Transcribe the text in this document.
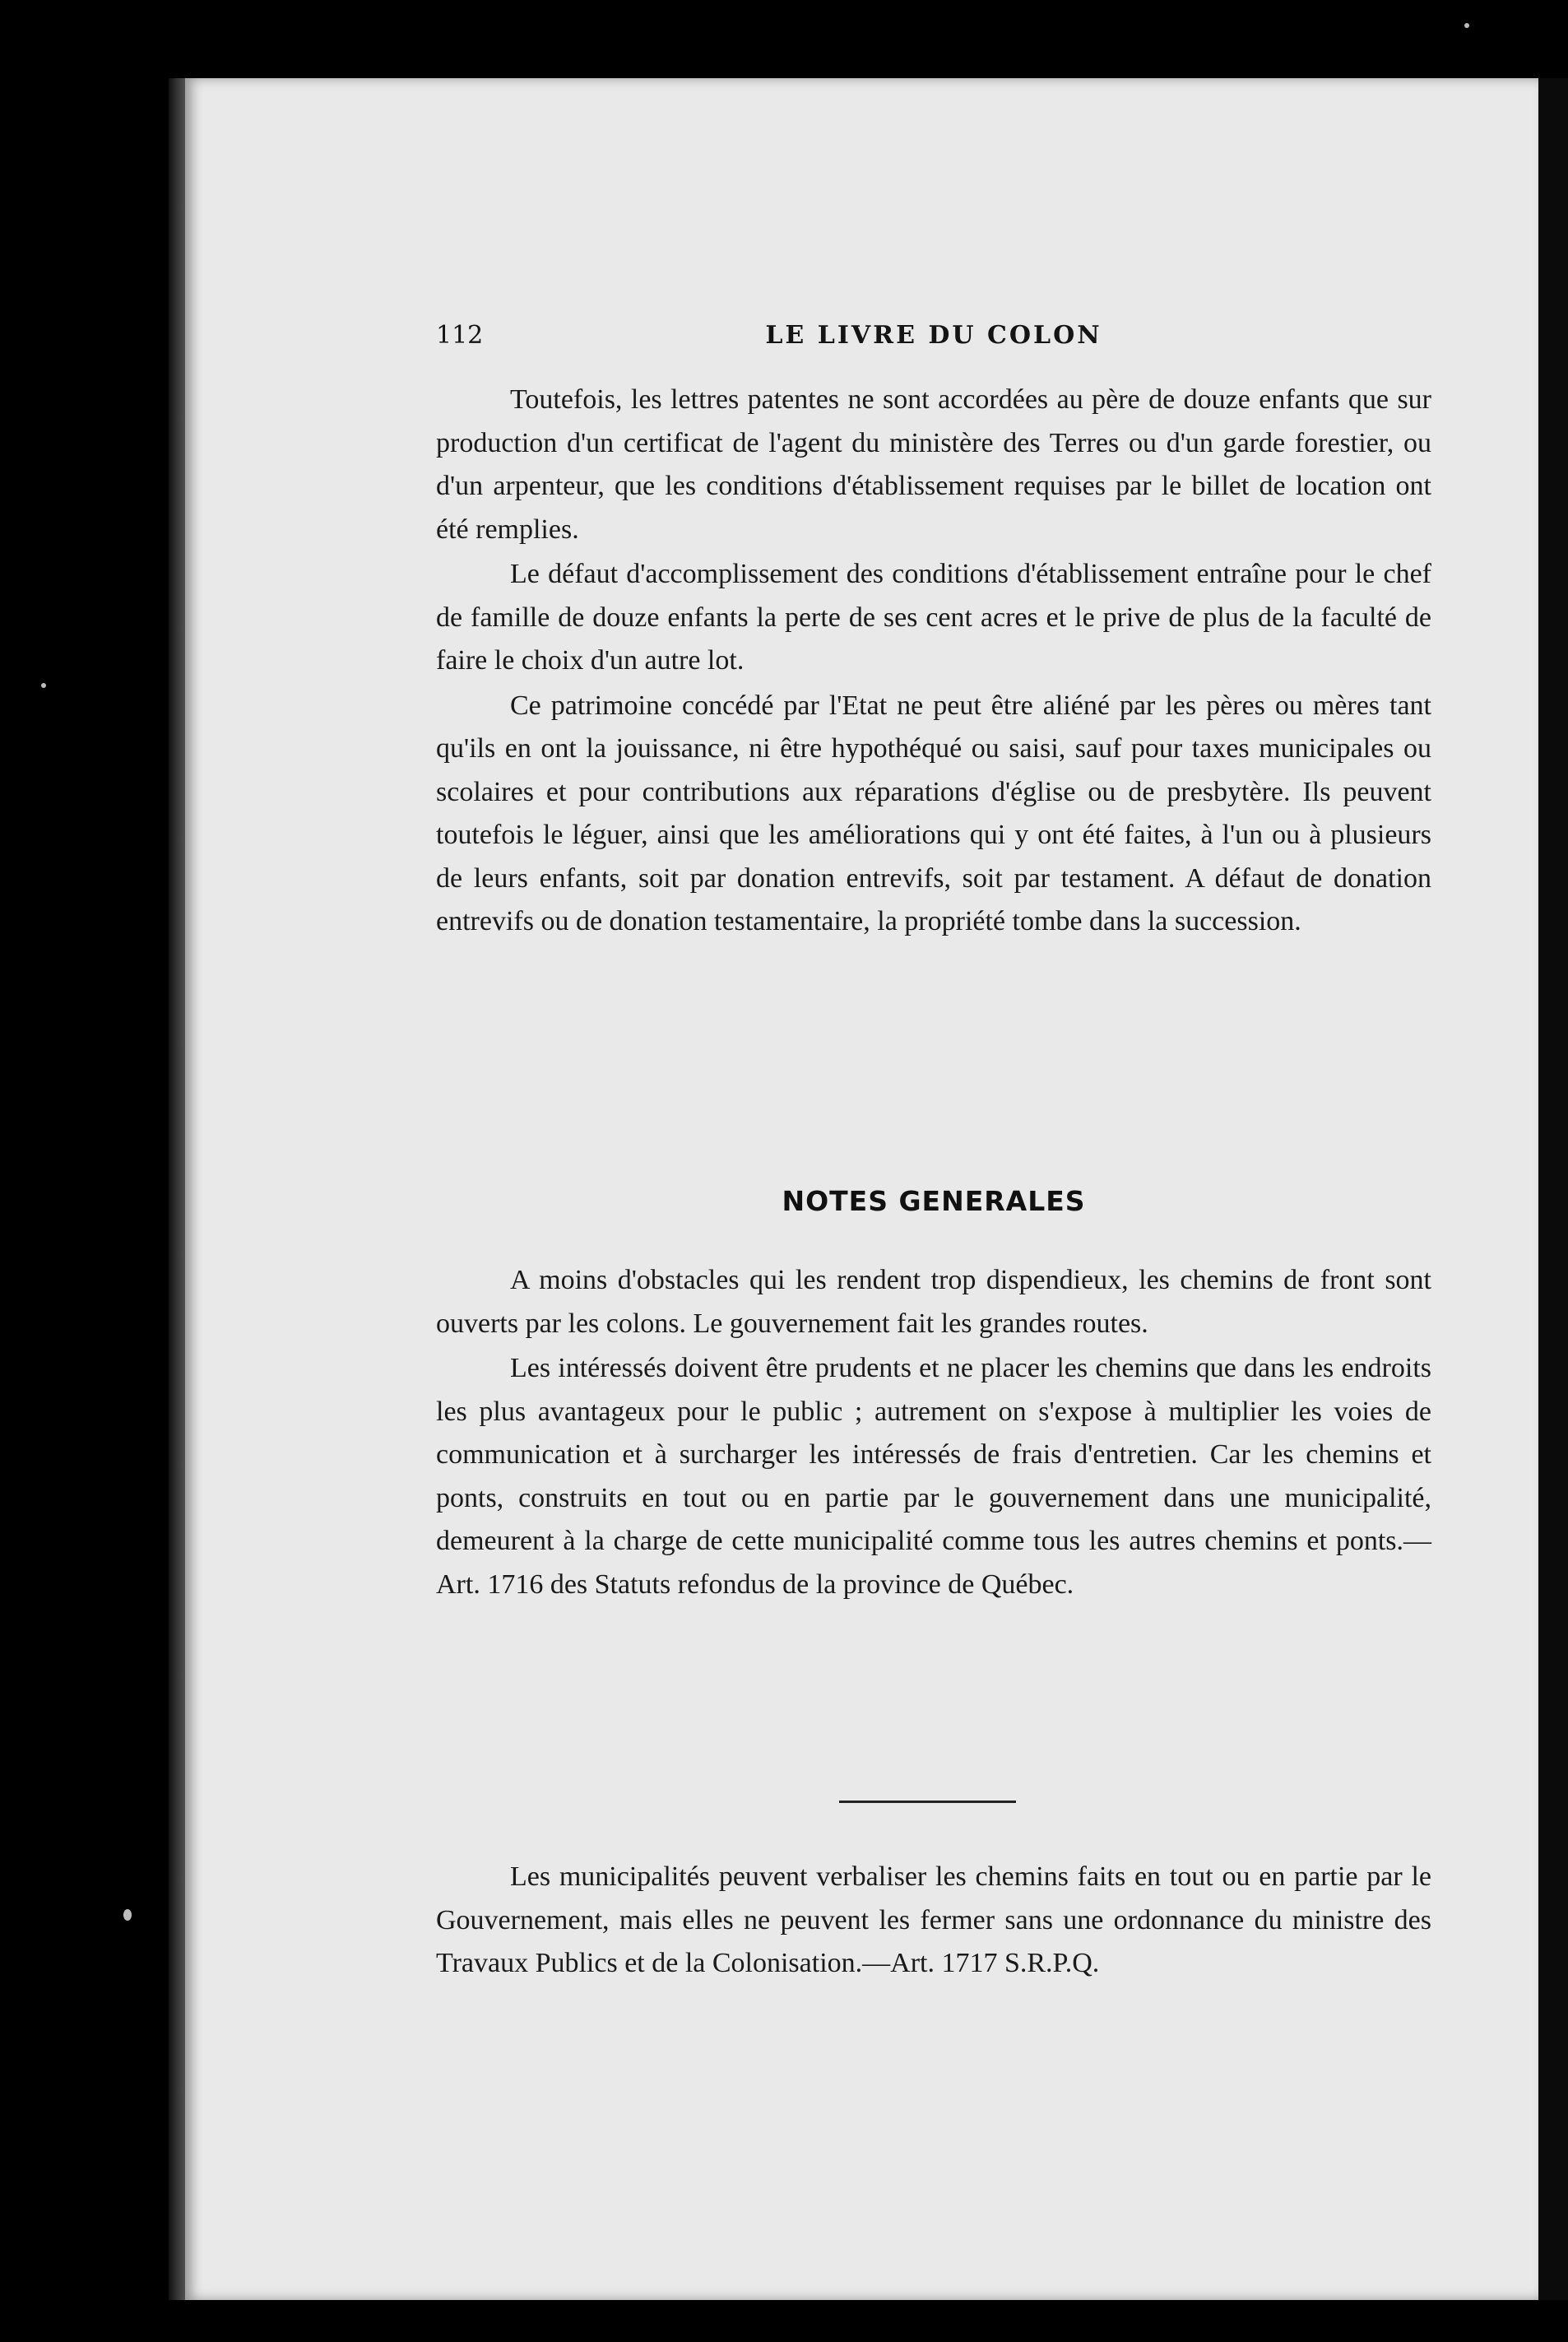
112	LE LIVRE DU COLON

Toutefois, les lettres patentes ne sont accordées au père de douze enfants que sur production d'un certificat de l'agent du ministère des Terres ou d'un garde forestier, ou d'un arpenteur, que les conditions d'établissement requises par le billet de location ont été remplies.

Le défaut d'accomplissement des conditions d'établissement entraîne pour le chef de famille de douze enfants la perte de ses cent acres et le prive de plus de la faculté de faire le choix d'un autre lot.

Ce patrimoine concédé par l'Etat ne peut être aliéné par les pères ou mères tant qu'ils en ont la jouissance, ni être hypothéqué ou saisi, sauf pour taxes municipales ou scolaires et pour contributions aux réparations d'église ou de presbytère. Ils peuvent toutefois le léguer, ainsi que les améliorations qui y ont été faites, à l'un ou à plusieurs de leurs enfants, soit par donation entrevifs, soit par testament. A défaut de donation entrevifs ou de donation testamentaire, la propriété tombe dans la succession.

NOTES GENERALES

A moins d'obstacles qui les rendent trop dispendieux, les chemins de front sont ouverts par les colons. Le gouvernement fait les grandes routes.

Les intéressés doivent être prudents et ne placer les chemins que dans les endroits les plus avantageux pour le public ; autrement on s'expose à multiplier les voies de communication et à surcharger les intéressés de frais d'entretien. Car les chemins et ponts, construits en tout ou en partie par le gouvernement dans une municipalité, demeurent à la charge de cette municipalité comme tous les autres chemins et ponts.—Art. 1716 des Statuts refondus de la province de Québec.

Les municipalités peuvent verbaliser les chemins faits en tout ou en partie par le Gouvernement, mais elles ne peuvent les fermer sans une ordonnance du ministre des Travaux Publics et de la Colonisation.—Art. 1717 S.R.P.Q.
